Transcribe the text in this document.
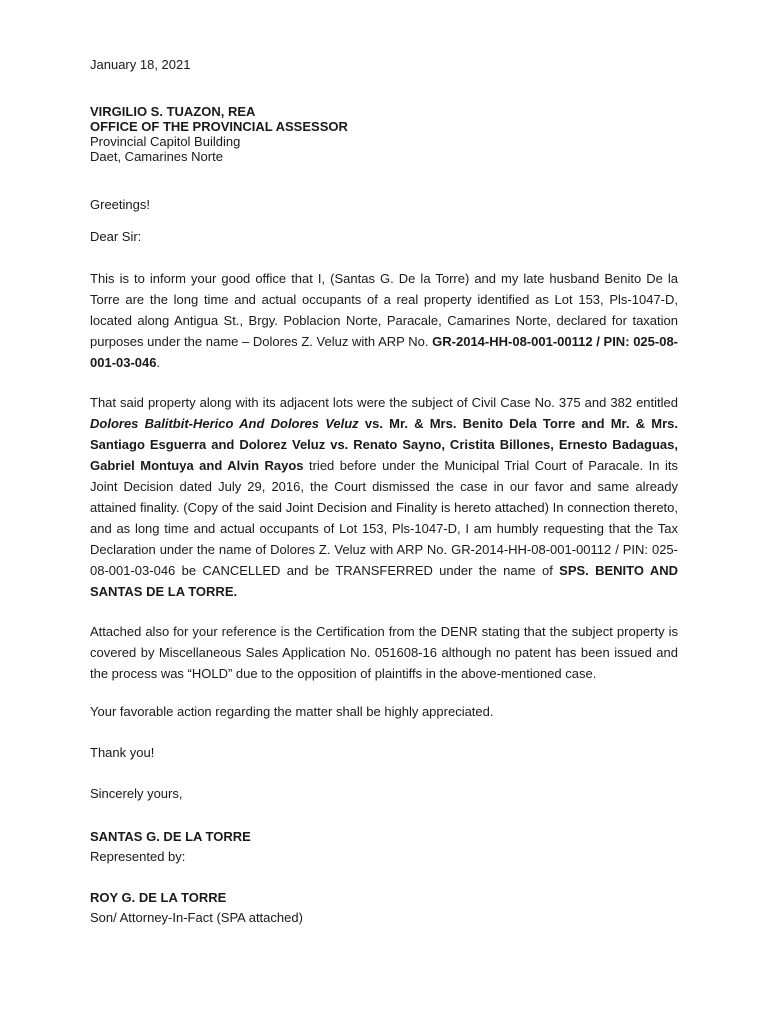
January 18, 2021

VIRGILIO S. TUAZON, REA
OFFICE OF THE PROVINCIAL ASSESSOR
Provincial Capitol Building
Daet, Camarines Norte
Greetings!
Dear Sir:

This is to inform your good office that I, (Santas G. De la Torre) and my late husband Benito De la Torre are the long time and actual occupants of a real property identified as Lot 153, Pls-1047-D, located along Antigua St., Brgy. Poblacion Norte, Paracale, Camarines Norte, declared for taxation purposes under the name – Dolores Z. Veluz with ARP No. GR-2014-HH-08-001-00112 / PIN: 025-08-001-03-046.

That said property along with its adjacent lots were the subject of Civil Case No. 375 and 382 entitled Dolores Balitbit-Herico And Dolores Veluz vs. Mr. & Mrs. Benito Dela Torre and Mr. & Mrs. Santiago Esguerra and Dolorez Veluz vs. Renato Sayno, Cristita Billones, Ernesto Badaguas, Gabriel Montuya and Alvin Rayos tried before under the Municipal Trial Court of Paracale. In its Joint Decision dated July 29, 2016, the Court dismissed the case in our favor and same already attained finality. (Copy of the said Joint Decision and Finality is hereto attached) In connection thereto, and as long time and actual occupants of Lot 153, Pls-1047-D, I am humbly requesting that the Tax Declaration under the name of Dolores Z. Veluz with ARP No. GR-2014-HH-08-001-00112 / PIN: 025-08-001-03-046 be CANCELLED and be TRANSFERRED under the name of SPS. BENITO AND SANTAS DE LA TORRE.

Attached also for your reference is the Certification from the DENR stating that the subject property is covered by Miscellaneous Sales Application No. 051608-16 although no patent has been issued and the process was “HOLD” due to the opposition of plaintiffs in the above-mentioned case.

Your favorable action regarding the matter shall be highly appreciated.

Thank you!
Sincerely yours,
SANTAS G. DE LA TORRE
Represented by:
ROY G. DE LA TORRE
Son/ Attorney-In-Fact (SPA attached)
